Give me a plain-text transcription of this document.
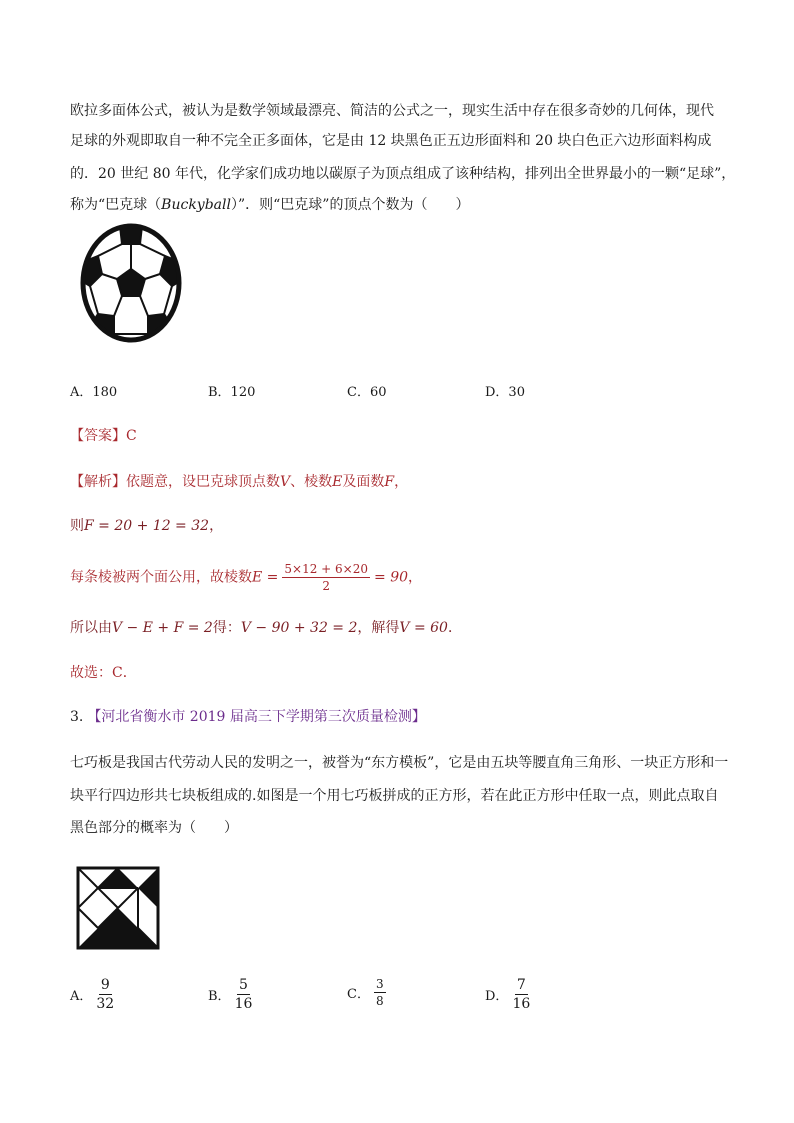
欧拉多面体公式，被认为是数学领域最漂亮、简洁的公式之一，现实生活中存在很多奇妙的几何体，现代
足球的外观即取自一种不完全正多面体，它是由 12 块黑色正五边形面料和 20 块白色正六边形面料构成
的．20 世纪 80 年代，化学家们成功地以碳原子为顶点组成了该种结构，排列出全世界最小的一颗“足球”，
称为“巴克球（Buckyball）”．则“巴克球”的顶点个数为（　　）
A．180	B．120	C．60	D．30
【答案】C
【解析】依题意，设巴克球顶点数V、棱数E及面数F，
则F = 20 + 12 = 32，
每条棱被两个面公用，故棱数$E = \frac{5\times 12 + 6\times 20}{2} = 90$，
所以由V − E + F = 2得：V − 90 + 32 = 2，解得V = 60．
故选：C．
3. 【河北省衡水市 2019 届高三下学期第三次质量检测】
七巧板是我国古代劳动人民的发明之一，被誉为“东方模板”，它是由五块等腰直角三角形、一块正方形和一
块平行四边形共七块板组成的.如图是一个用七巧板拼成的正方形，若在此正方形中任取一点，则此点取自
黑色部分的概率为（　　）
A． $\frac{9}{32}$	B． $\frac{5}{16}$	C． $\frac{3}{8}$	D． $\frac{7}{16}$
